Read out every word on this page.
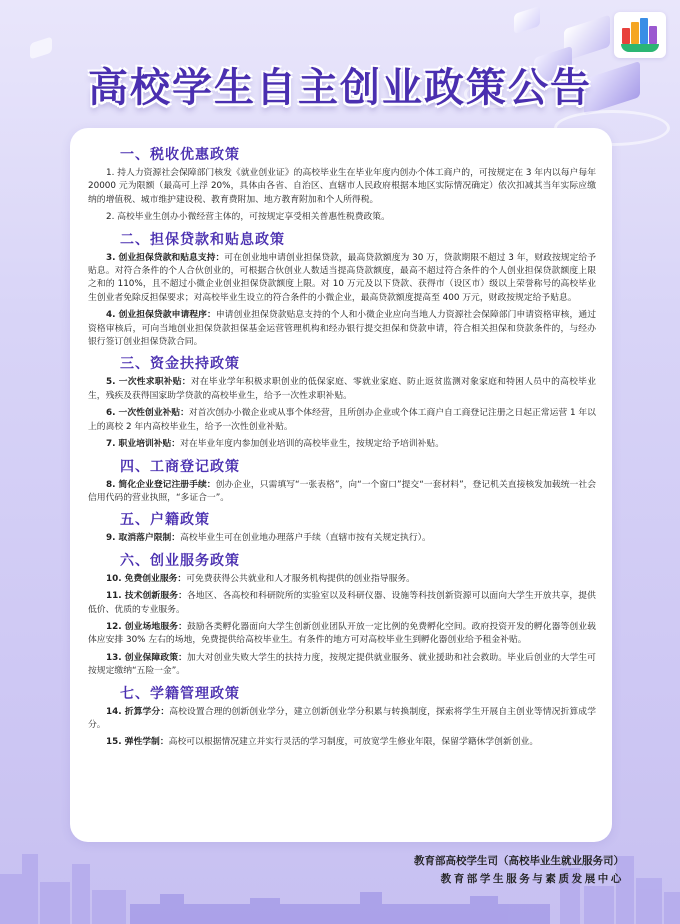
高校学生自主创业政策公告
一、税收优惠政策

1. 持人力资源社会保障部门核发《就业创业证》的高校毕业生在毕业年度内创办个体工商户的，可按规定在 3 年内以每户每年 20000 元为限额（最高可上浮 20%，具体由各省、自治区、直辖市人民政府根据本地区实际情况确定）依次扣减其当年实际应缴纳的增值税、城市维护建设税、教育费附加、地方教育附加和个人所得税。

2. 高校毕业生创办小微经营主体的，可按规定享受相关普惠性税费政策。

二、担保贷款和贴息政策

3. 创业担保贷款和贴息支持：可在创业地申请创业担保贷款，最高贷款额度为 30 万，贷款期限不超过 3 年，财政按规定给予贴息。对符合条件的个人合伙创业的，可根据合伙创业人数适当提高贷款额度，最高不超过符合条件的个人创业担保贷款额度上限之和的 110%，且不超过小微企业创业担保贷款额度上限。对 10 万元及以下贷款、获得市（设区市）级以上荣誉称号的高校毕业生创业者免除反担保要求；对高校毕业生设立的符合条件的小微企业，最高贷款额度提高至 400 万元，财政按规定给予贴息。

4. 创业担保贷款申请程序：申请创业担保贷款贴息支持的个人和小微企业应向当地人力资源社会保障部门申请资格审核，通过资格审核后，可向当地创业担保贷款担保基金运营管理机构和经办银行提交担保和贷款申请，符合相关担保和贷款条件的，与经办银行签订创业担保贷款合同。

三、资金扶持政策

5. 一次性求职补贴：对在毕业学年积极求职创业的低保家庭、零就业家庭、防止返贫监测对象家庭和特困人员中的高校毕业生，残疾及获得国家助学贷款的高校毕业生，给予一次性求职补贴。

6. 一次性创业补贴：对首次创办小微企业或从事个体经营，且所创办企业或个体工商户自工商登记注册之日起正常运营 1 年以上的离校 2 年内高校毕业生，给予一次性创业补贴。

7. 职业培训补贴：对在毕业年度内参加创业培训的高校毕业生，按规定给予培训补贴。

四、工商登记政策

8. 简化企业登记注册手续：创办企业，只需填写“一张表格”，向“一个窗口”提交“一套材料”，登记机关直接核发加载统一社会信用代码的营业执照，“多证合一”。

五、户籍政策

9. 取消落户限制：高校毕业生可在创业地办理落户手续（直辖市按有关规定执行）。

六、创业服务政策

10. 免费创业服务：可免费获得公共就业和人才服务机构提供的创业指导服务。

11. 技术创新服务：各地区、各高校和科研院所的实验室以及科研仪器、设施等科技创新资源可以面向大学生开放共享，提供低价、优质的专业服务。

12. 创业场地服务：鼓励各类孵化器面向大学生创新创业团队开放一定比例的免费孵化空间。政府投资开发的孵化器等创业载体应安排 30% 左右的场地，免费提供给高校毕业生。有条件的地方可对高校毕业生到孵化器创业给予租金补贴。

13. 创业保障政策：加大对创业失败大学生的扶持力度，按规定提供就业服务、就业援助和社会救助。毕业后创业的大学生可按规定缴纳“五险一金”。

七、学籍管理政策

14. 折算学分：高校设置合理的创新创业学分，建立创新创业学分积累与转换制度，探索将学生开展自主创业等情况折算成学分。

15. 弹性学制：高校可以根据情况建立并实行灵活的学习制度，可放宽学生修业年限，保留学籍休学创新创业。

教育部高校学生司（高校毕业生就业服务司）
教育部学生服务与素质发展中心
